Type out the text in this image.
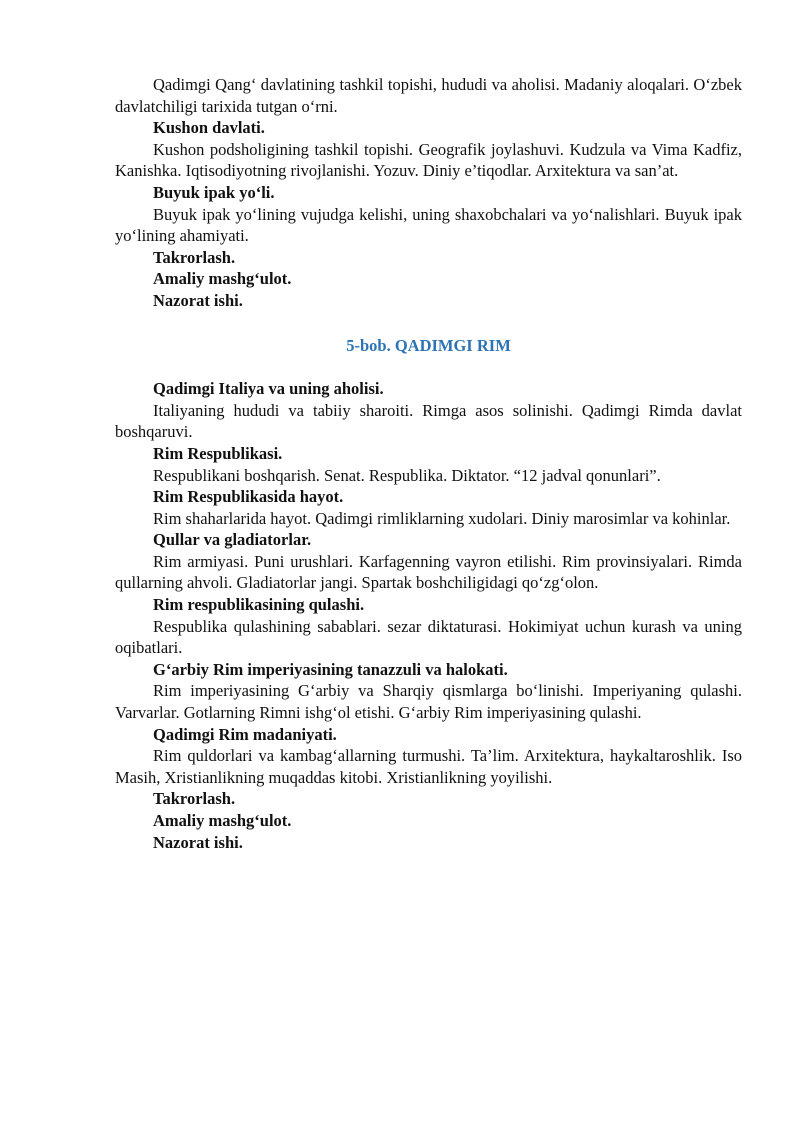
Qadimgi Qang‘ davlatining tashkil topishi, hududi va aholisi. Madaniy aloqalari. O‘zbek davlatchiligi tarixida tutgan o‘rni.

Kushon davlati.

Kushon podsholigining tashkil topishi. Geografik joylashuvi. Kudzula va Vima Kadfiz, Kanishka. Iqtisodiyotning rivojlanishi. Yozuv. Diniy e’tiqodlar. Arxitektura va san’at.

Buyuk ipak yo‘li.

Buyuk ipak yo‘lining vujudga kelishi, uning shaxobchalari va yo‘nalishlari. Buyuk ipak yo‘lining ahamiyati.

Takrorlash.

Amaliy mashg‘ulot.

Nazorat ishi.

5-bob. QADIMGI RIM

Qadimgi Italiya va uning aholisi.

Italiyaning hududi va tabiiy sharoiti. Rimga asos solinishi. Qadimgi Rimda davlat boshqaruvi.

Rim Respublikasi.

Respublikani boshqarish. Senat. Respublika. Diktator. “12 jadval qonunlari”.

Rim Respublikasida hayot.

Rim shaharlarida hayot. Qadimgi rimliklarning xudolari. Diniy marosimlar va kohinlar.

Qullar va gladiatorlar.

Rim armiyasi. Puni urushlari. Karfagenning vayron etilishi. Rim provinsiyalari. Rimda qullarning ahvoli. Gladiatorlar jangi. Spartak boshchiligidagi qo‘zg‘olon.

Rim respublikasining qulashi.

Respublika qulashining sabablari. sezar diktaturasi. Hokimiyat uchun kurash va uning oqibatlari.

G‘arbiy Rim imperiyasining tanazzuli va halokati.

Rim imperiyasining G‘arbiy va Sharqiy qismlarga bo‘linishi. Imperiyaning qulashi. Varvarlar. Gotlarning Rimni ishg‘ol etishi. G‘arbiy Rim imperiyasining qulashi.

Qadimgi Rim madaniyati.

Rim quldorlari va kambag‘allarning turmushi. Ta’lim. Arxitektura, haykaltaroshlik. Iso Masih, Xristianlikning muqaddas kitobi. Xristianlikning yoyilishi.

Takrorlash.

Amaliy mashg‘ulot.

Nazorat ishi.
